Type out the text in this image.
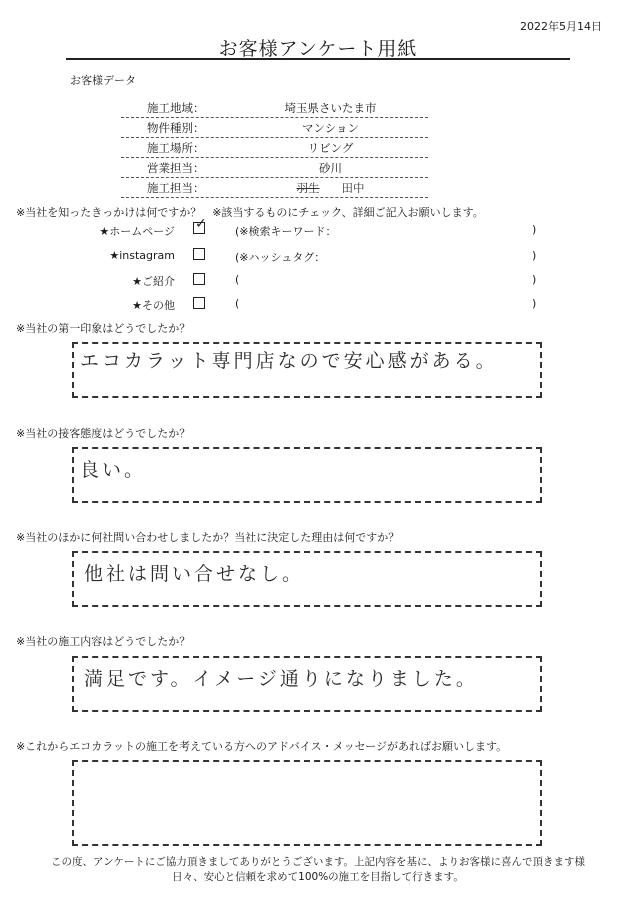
2022年5月14日
お客様アンケート用紙
お客様データ
施工地域：	埼玉県さいたま市
物件種別：	マンション
施工場所：	リビング
営業担当：	砂川
施工担当：	羽生 田中
※当社を知ったきっかけは何ですか？　※該当するものにチェック、詳細ご記入お願いします。
★ホームページ ✓	(※検索キーワード：	)
★instagram	(※ハッシュタグ：	)
★ご紹介	(	)
★その他	(	)
※当社の第一印象はどうでしたか？
エコカラット専門店なので安心感がある。
※当社の接客態度はどうでしたか？
良い。
※当社のほかに何社問い合わせしましたか？当社に決定した理由は何ですか？
他社は問い合せなし。
※当社の施工内容はどうでしたか？
満足です。イメージ通りになりました。
※これからエコカラットの施工を考えている方へのアドバイス・メッセージがあればお願いします。
この度、アンケートにご協力頂きましてありがとうございます。上記内容を基に、よりお客様に喜んで頂きます様
日々、安心と信頼を求めて100%の施工を目指して行きます。
